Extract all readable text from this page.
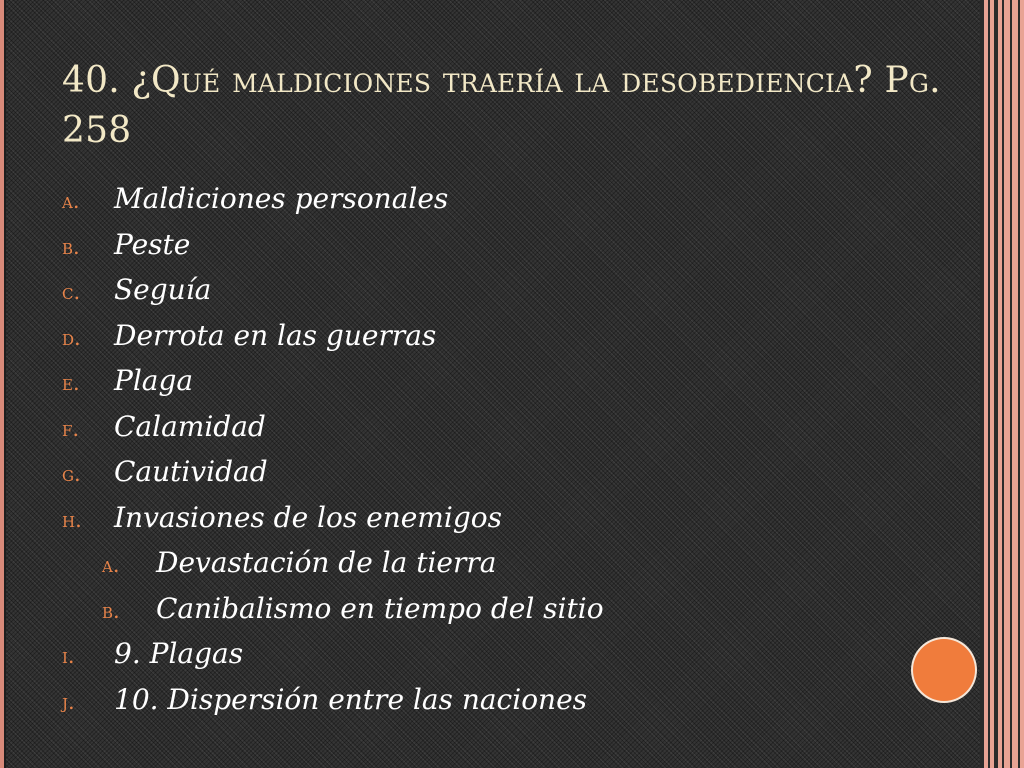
40. ¿Qué maldiciones traería la desobediencia? Pg. 258
a.	Maldiciones personales
b.	Peste
c.	Seguía
d.	Derrota en las guerras
e.	Plaga
f.	Calamidad
g.	Cautividad
h.	Invasiones de los enemigos
a.	Devastación de la tierra
b.	Canibalismo en tiempo del sitio
i.	9. Plagas
j.	10. Dispersión entre las naciones
